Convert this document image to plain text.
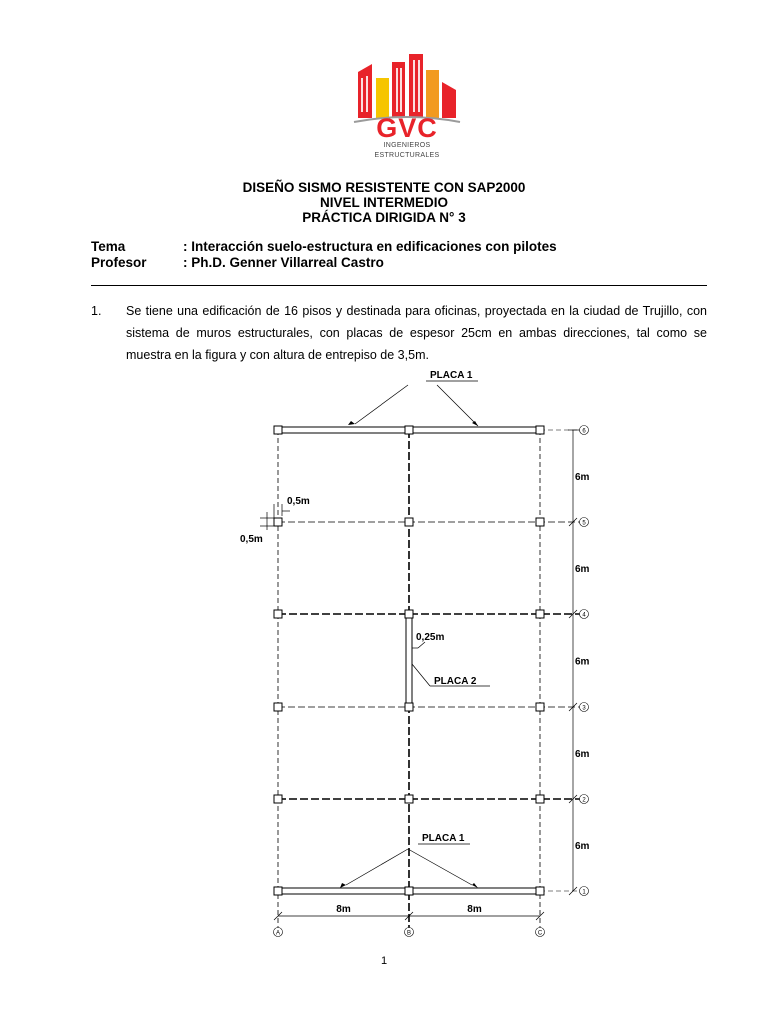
GVC
INGENIEROS
ESTRUCTURALES
DISEÑO SISMO RESISTENTE CON SAP2000
NIVEL INTERMEDIO
PRÁCTICA DIRIGIDA N° 3
Tema	: Interacción suelo-estructura en edificaciones con pilotes
Profesor	: Ph.D. Genner Villarreal Castro
1. Se tiene una edificación de 16 pisos y destinada para oficinas, proyectada en la ciudad de Trujillo, con sistema de muros estructurales, con placas de espesor 25cm en ambas direcciones, tal como se muestra en la figura y con altura de entrepiso de 3,5m.
6
5
4
3
2
1
A	B	C
PLACA 1
PLACA 1
PLACA 2
0,5m
0,5m
0,25m
6m
6m
6m
6m
6m
8m	8m
1
